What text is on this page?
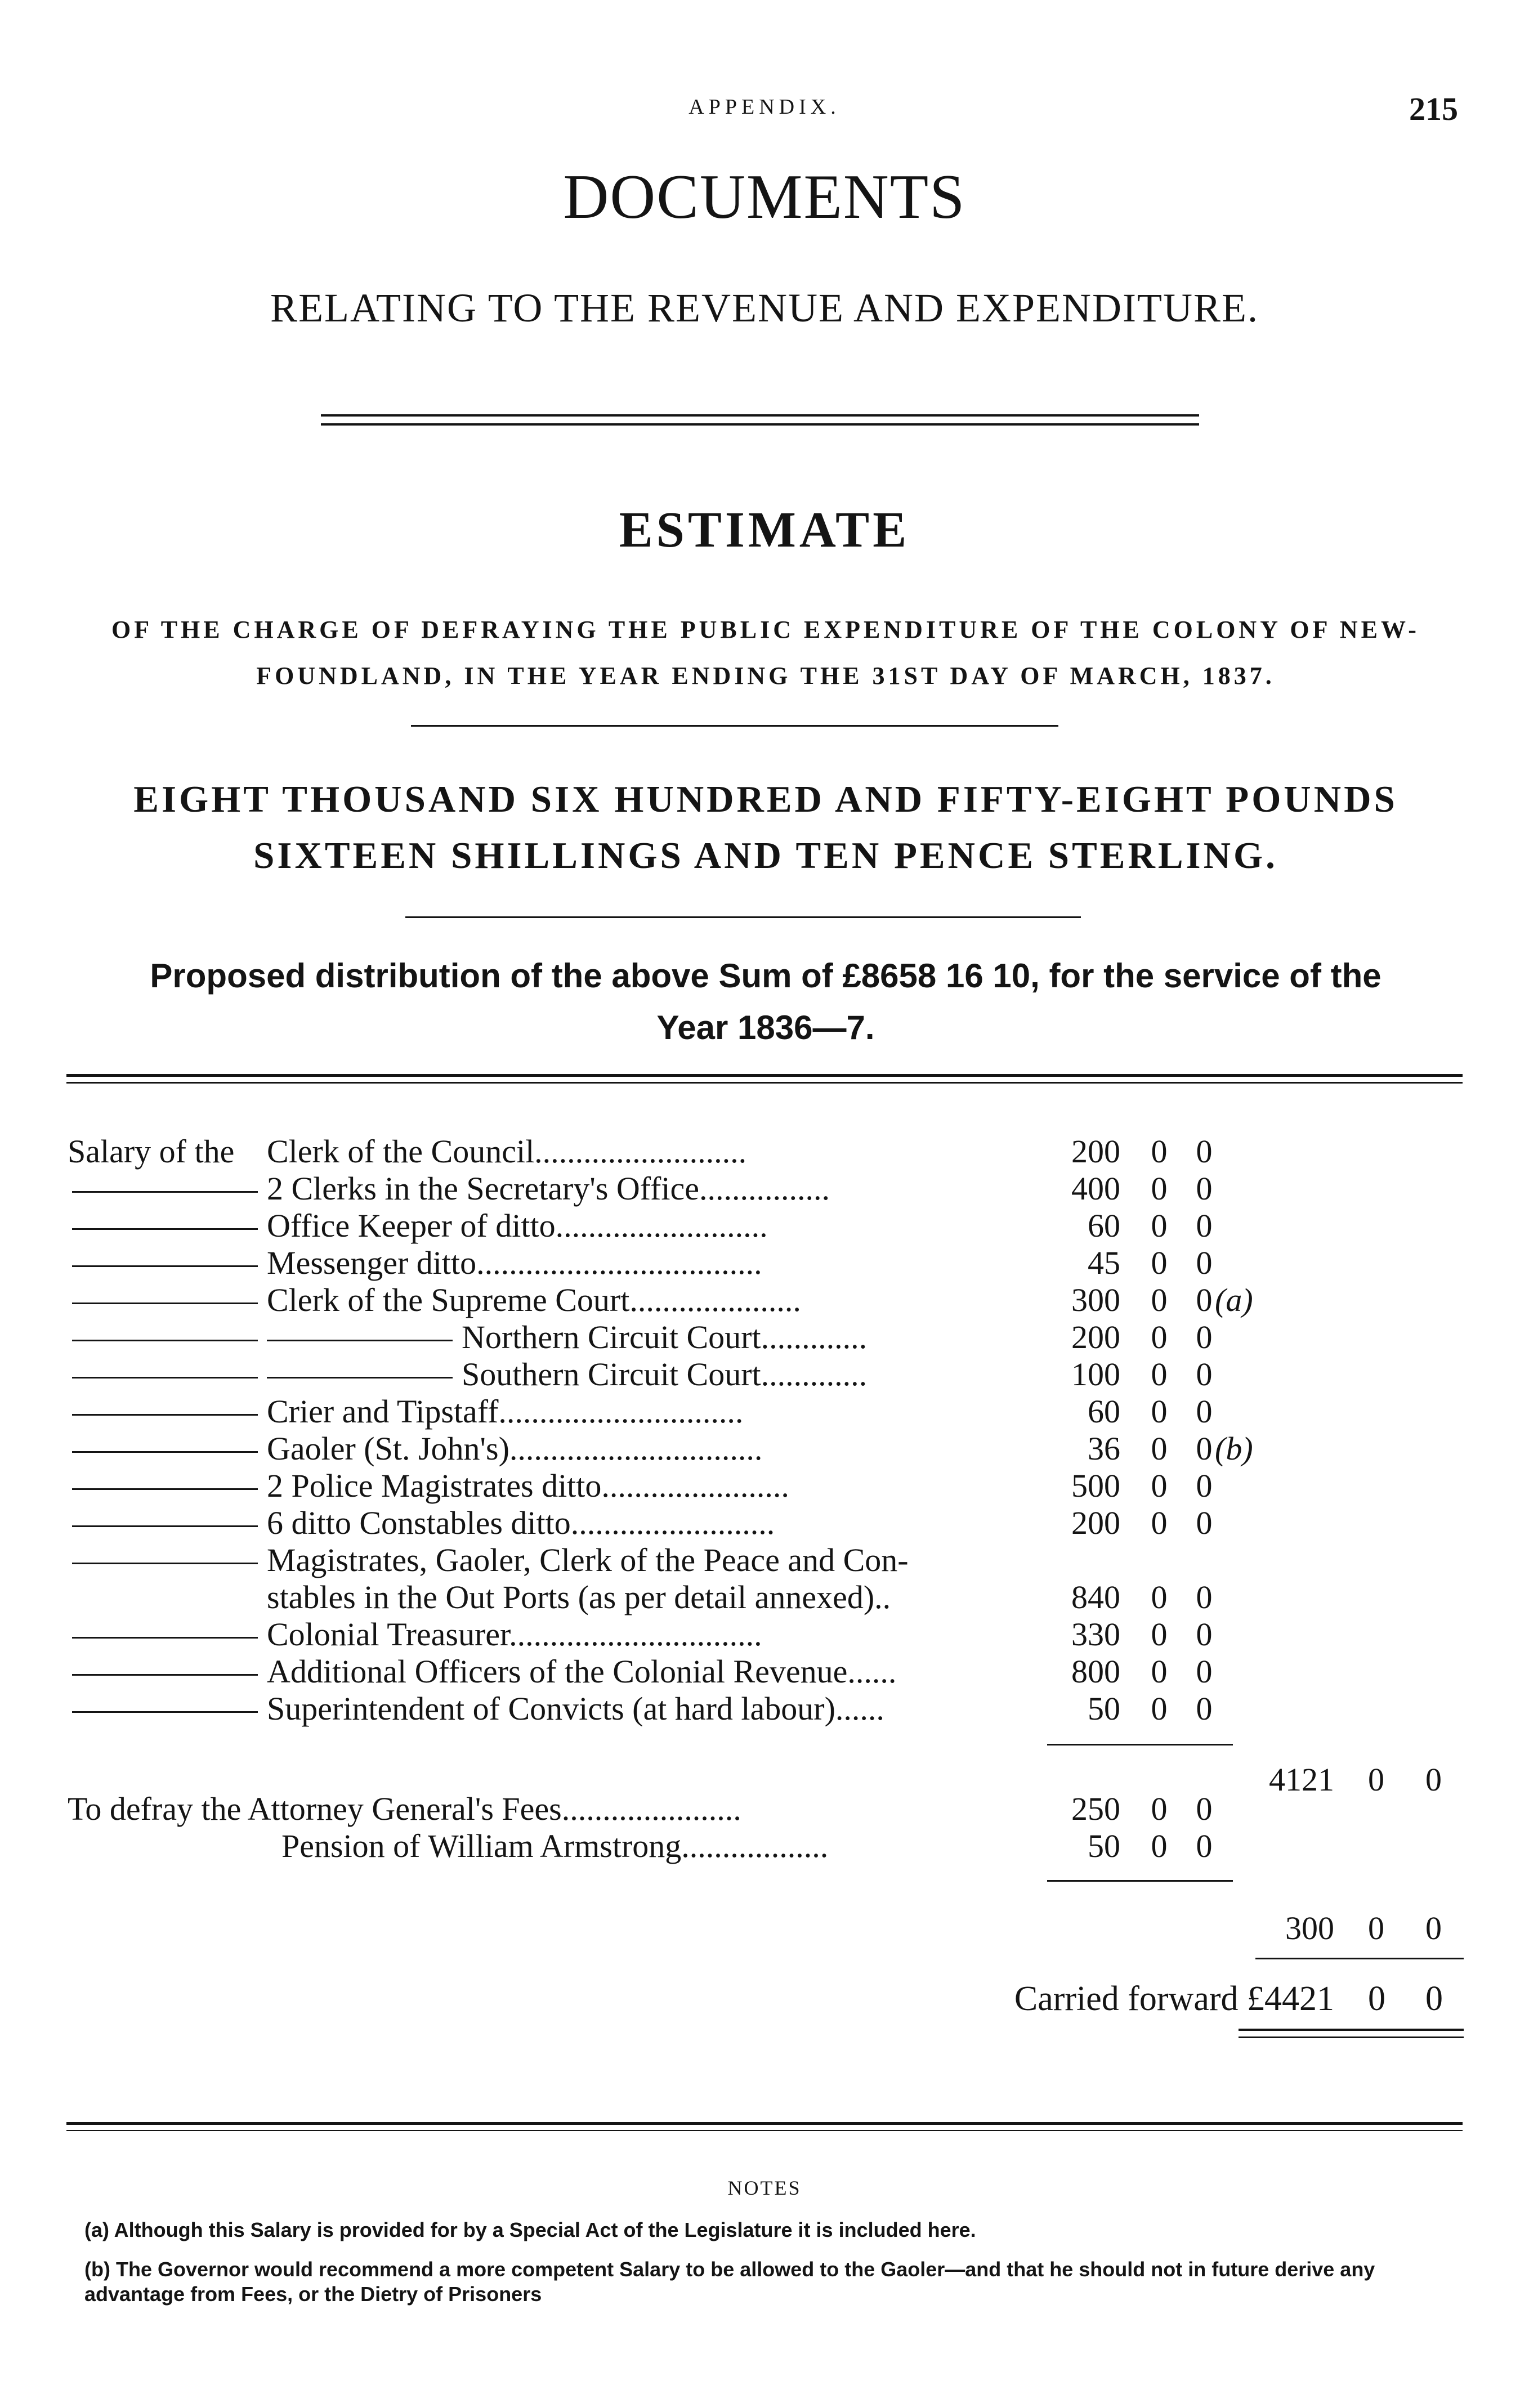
APPENDIX.	215
DOCUMENTS
RELATING TO THE REVENUE AND EXPENDITURE.
ESTIMATE
OF THE CHARGE OF DEFRAYING THE PUBLIC EXPENDITURE OF THE COLONY OF NEW-
FOUNDLAND, IN THE YEAR ENDING THE 31ST DAY OF MARCH, 1837.
EIGHT THOUSAND SIX HUNDRED AND FIFTY-EIGHT POUNDS
SIXTEEN SHILLINGS AND TEN PENCE STERLING.
Proposed distribution of the above Sum of £8658 16 10, for the service of the
Year 1836—7.
Salary of the Clerk of the Council..........................	200 0 0
2 Clerks in the Secretary's Office................	400 0 0
Office Keeper of ditto..........................	60 0 0
Messenger ditto...................................	45 0 0
Clerk of the Supreme Court.....................	300 0 0 (a)
Northern Circuit Court.............	200 0 0
Southern Circuit Court.............	100 0 0
Crier and Tipstaff..............................	60 0 0
Gaoler (St. John's)...............................	36 0 0 (b)
2 Police Magistrates ditto.......................	500 0 0
6 ditto Constables ditto.........................	200 0 0
Magistrates, Gaoler, Clerk of the Peace and Con-
stables in the Out Ports (as per detail annexed)..	840 0 0
Colonial Treasurer...............................	330 0 0
Additional Officers of the Colonial Revenue......	800 0 0
Superintendent of Convicts (at hard labour)......	50 0 0
4121 0 0
To defray the Attorney General's Fees......................	250 0 0
Pension of William Armstrong..................	50 0 0
300 0 0
Carried forward £4421 0 0
NOTES
(a) Although this Salary is provided for by a Special Act of the Legislature it is included here.
(b) The Governor would recommend a more competent Salary to be allowed to the Gaoler—and that he should not in future derive any
advantage from Fees, or the Dietry of Prisoners
